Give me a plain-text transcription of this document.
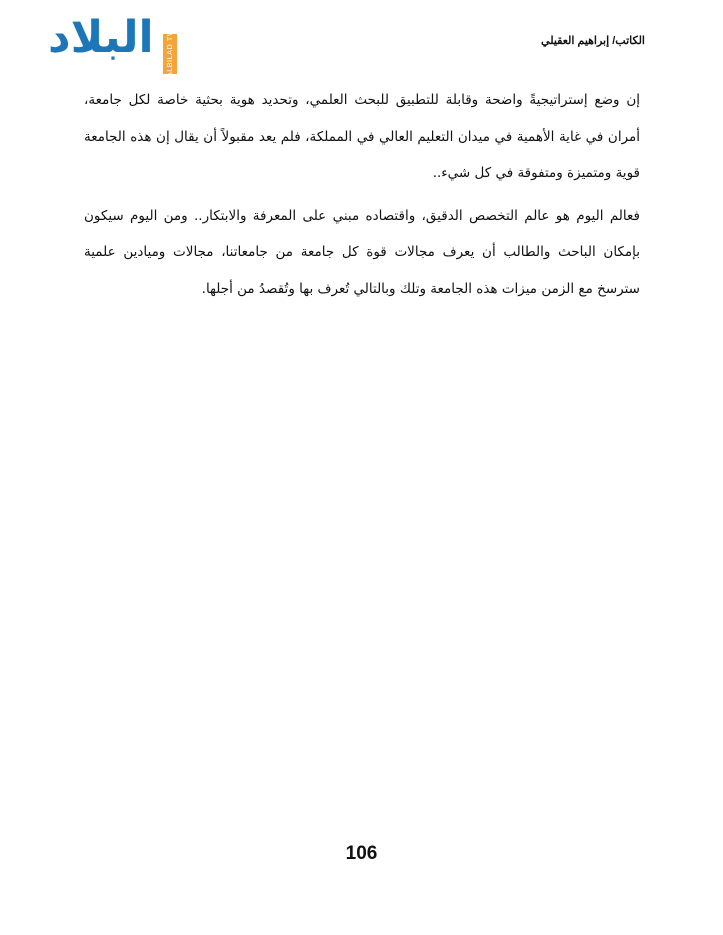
البلاد ALBILAD TV	الكاتب/ إبراهيم العقيلي

إن وضع إستراتيجيةً واضحة وقابلة للتطبيق للبحث العلمي، وتحديد هوية بحثية خاصة لكل جامعة، أمران في غاية الأهمية في ميدان التعليم العالي في المملكة، فلم يعد مقبولاً أن يقال إن هذه الجامعة قوية ومتميزة ومتفوقة في كل شيء..

فعالم اليوم هو عالم التخصص الدقيق، واقتصاده مبني على المعرفة والابتكار.. ومن اليوم سيكون بإمكان الباحث والطالب أن يعرف مجالات قوة كل جامعة من جامعاتنا، مجالات وميادين علمية سترسخ مع الزمن ميزات هذه الجامعة وتلك وبالتالي تُعرف بها وتُقصدُ من أجلها.

106
